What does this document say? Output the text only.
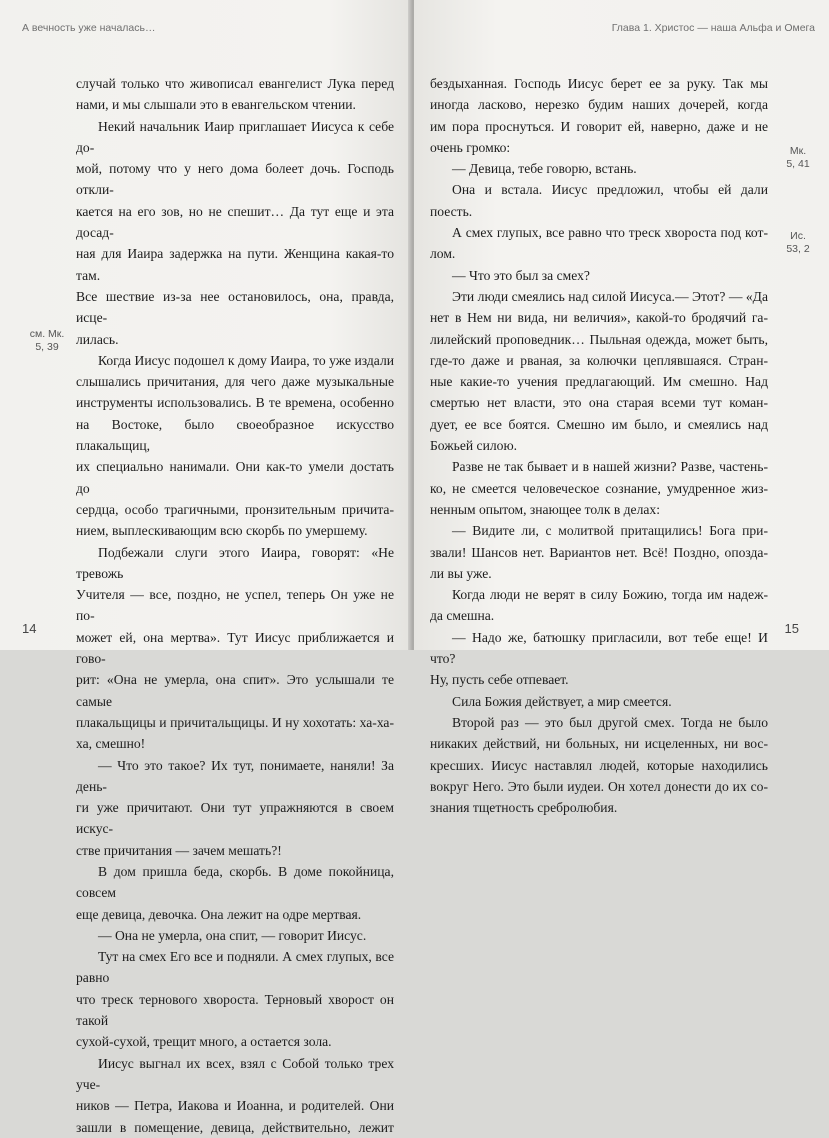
А вечность уже началась…

случай только что живописал евангелист Лука перед

нами, и мы слышали это в евангельском чтении.

Некий начальник Иаир приглашает Иисуса к себе до-

мой, потому что у него дома болеет дочь. Господь откли-

кается на его зов, но не спешит… Да тут еще и эта досад-

ная для Иаира задержка на пути. Женщина какая-то там.

Все шествие из-за нее остановилось, она, правда, исце-

лилась.

Когда Иисус подошел к дому Иаира, то уже издали

слышались причитания, для чего даже музыкальные

инструменты использовались. В те времена, особенно

на Востоке, было своеобразное искусство плакальщиц,

их специально нанимали. Они как-то умели достать до

сердца, особо трагичными, пронзительным причита-

нием, выплескивающим всю скорбь по умершему.

Подбежали слуги этого Иаира, говорят: «Не тревожь

Учителя — все, поздно, не успел, теперь Он уже не по-

может ей, она мертва». Тут Иисус приближается и гово-

рит: «Она не умерла, она спит». Это услышали те самые

плакальщицы и причитальщицы. И ну хохотать: ха-ха-

ха, смешно!

— Что это такое? Их тут, понимаете, наняли! За день-

ги уже причитают. Они тут упражняются в своем искус-

стве причитания — зачем мешать?!

В дом пришла беда, скорбь. В доме покойница, совсем

еще девица, девочка. Она лежит на одре мертвая.

— Она не умерла, она спит, — говорит Иисус.

Тут на смех Его все и подняли. А смех глупых, все равно

что треск тернового хвороста. Терновый хворост он такой

сухой-сухой, трещит много, а остается зола.

Иисус выгнал их всех, взял с Собой только трех уче-

ников — Петра, Иакова и Иоанна, и родителей. Они

зашли в помещение, девица, действительно, лежит

см. Мк.
5, 39
14
Глава 1. Христос — наша Альфа и Омега

бездыханная. Господь Иисус берет ее за руку. Так мы

иногда ласково, нерезко будим наших дочерей, когда

им пора проснуться. И говорит ей, наверно, даже и не

очень громко:

— Девица, тебе говорю, встань.

Она и встала. Иисус предложил, чтобы ей дали поесть.

А смех глупых, все равно что треск хвороста под кот-

лом.

— Что это был за смех?

Эти люди смеялись над силой Иисуса.— Этот? — «Да

нет в Нем ни вида, ни величия», какой-то бродячий га-

лилейский проповедник… Пыльная одежда, может быть,

где-то даже и рваная, за колючки цеплявшаяся. Стран-

ные какие-то учения предлагающий. Им смешно. Над

смертью нет власти, это она старая всеми тут коман-

дует, ее все боятся. Смешно им было, и смеялись над

Божьей силою.

Разве не так бывает и в нашей жизни? Разве, частень-

ко, не смеется человеческое сознание, умудренное жиз-

ненным опытом, знающее толк в делах:

— Видите ли, с молитвой притащились! Бога при-

звали! Шансов нет. Вариантов нет. Всё! Поздно, опозда-

ли вы уже.

Когда люди не верят в силу Божию, тогда им надеж-

да смешна.

— Надо же, батюшку пригласили, вот тебе еще! И что?

Ну, пусть себе отпевает.

Сила Божия действует, а мир смеется.

Второй раз — это был другой смех. Тогда не было

никаких действий, ни больных, ни исцеленных, ни вос-

кресших. Иисус наставлял людей, которые находились

вокруг Него. Это были иудеи. Он хотел донести до их со-

знания тщетность сребролюбия.

Мк.
5, 41
Ис.
53, 2
15
